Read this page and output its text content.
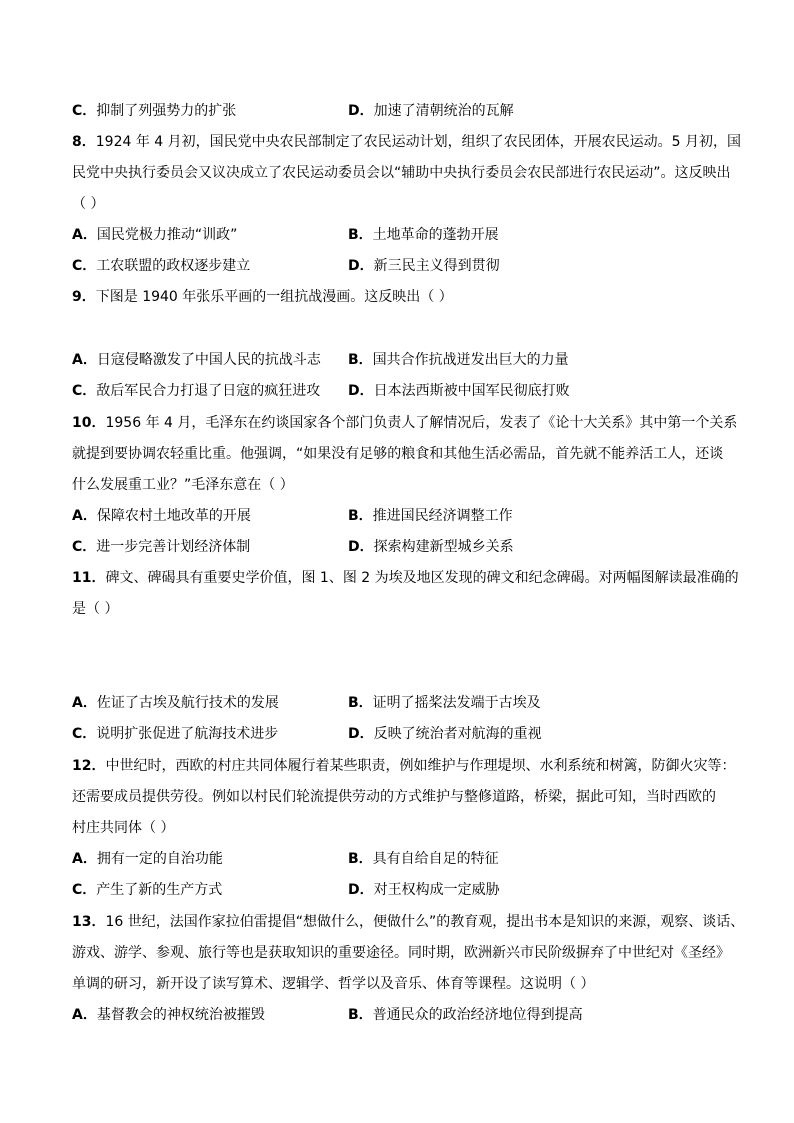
C．抑制了列强势力的扩张	D．加速了清朝统治的瓦解
8．1924 年 4 月初，国民党中央农民部制定了农民运动计划，组织了农民团体，开展农民运动。5 月初，国
民党中央执行委员会又议决成立了农民运动委员会以“辅助中央执行委员会农民部进行农民运动”。这反映出
（ ）
A．国民党极力推动“训政”	B．土地革命的蓬勃开展
C．工农联盟的政权逐步建立	D．新三民主义得到贯彻
9．下图是 1940 年张乐平画的一组抗战漫画。这反映出（ ）
A．日寇侵略激发了中国人民的抗战斗志 B．国共合作抗战迸发出巨大的力量
C．敌后军民合力打退了日寇的疯狂进攻 D．日本法西斯被中国军民彻底打败
10．1956 年 4 月，毛泽东在约谈国家各个部门负责人了解情况后，发表了《论十大关系》其中第一个关系
就提到要协调农轻重比重。他强调，“如果没有足够的粮食和其他生活必需品，首先就不能养活工人，还谈
什么发展重工业？”毛泽东意在（ ）
A．保障农村土地改革的开展	B．推进国民经济调整工作
C．进一步完善计划经济体制	D．探索构建新型城乡关系
11．碑文、碑碣具有重要史学价值，图 1、图 2 为埃及地区发现的碑文和纪念碑碣。对两幅图解读最准确的
是（ ）
A．佐证了古埃及航行技术的发展	B．证明了摇桨法发端于古埃及
C．说明扩张促进了航海技术进步	D．反映了统治者对航海的重视
12．中世纪时，西欧的村庄共同体履行着某些职责，例如维护与作理堤坝、水利系统和树篱，防御火灾等：
还需要成员提供劳役。例如以村民们轮流提供劳动的方式维护与整修道路，桥梁，据此可知，当时西欧的
村庄共同体（ ）
A．拥有一定的自治功能	B．具有自给自足的特征
C．产生了新的生产方式	D．对王权构成一定威胁
13．16 世纪，法国作家拉伯雷提倡“想做什么，便做什么”的教育观，提出书本是知识的来源，观察、谈话、
游戏、游学、参观、旅行等也是获取知识的重要途径。同时期，欧洲新兴市民阶级摒弃了中世纪对《圣经》
单调的研习，新开设了读写算术、逻辑学、哲学以及音乐、体育等课程。这说明（ ）
A．基督教会的神权统治被摧毁	B．普通民众的政治经济地位得到提高
